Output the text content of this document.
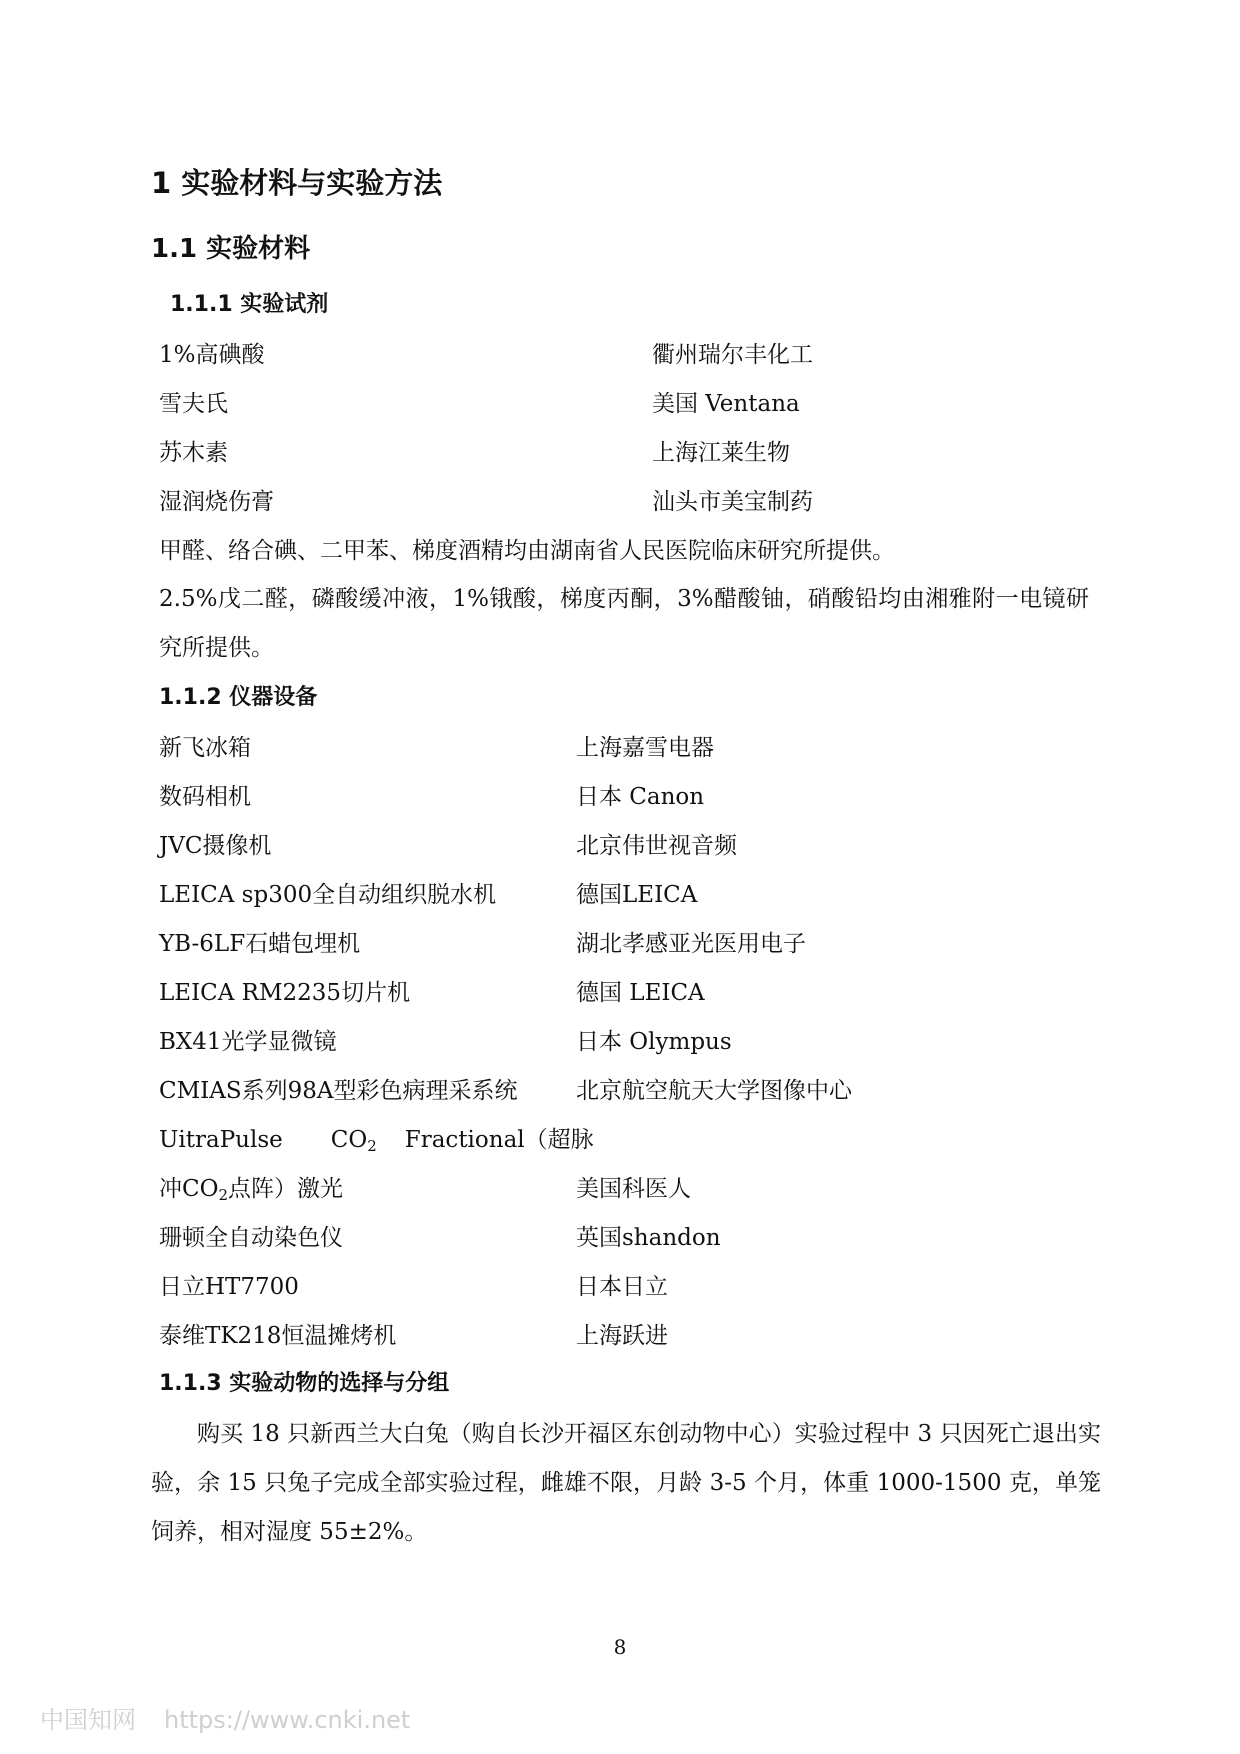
1 实验材料与实验方法
1.1 实验材料
1.1.1 实验试剂
1%高碘酸	衢州瑞尔丰化工
雪夫氏	美国 Ventana
苏木素	上海江莱生物
湿润烧伤膏	汕头市美宝制药
甲醛、络合碘、二甲苯、梯度酒精均由湖南省人民医院临床研究所提供。
2.5%戊二醛，磷酸缓冲液，1%锇酸，梯度丙酮，3%醋酸铀，硝酸铅均由湘雅附一电镜研究所提供。
1.1.2 仪器设备
新飞冰箱	上海嘉雪电器
数码相机	日本 Canon
JVC摄像机	北京伟世视音频
LEICA sp300全自动组织脱水机	德国LEICA
YB-6LF石蜡包埋机	湖北孝感亚光医用电子
LEICA RM2235切片机	德国 LEICA
BX41光学显微镜	日本 Olympus
CMIAS系列98A型彩色病理采系统	北京航空航天大学图像中心
UitraPulse $CO_2$ Fractional（超脉
冲$CO_2$点阵）激光	美国科医人
珊顿全自动染色仪	英国shandon
日立HT7700	日本日立
泰维TK218恒温摊烤机	上海跃进
1.1.3 实验动物的选择与分组
购买 18 只新西兰大白兔（购自长沙开福区东创动物中心）实验过程中 3 只因死亡退出实验，余 15 只兔子完成全部实验过程，雌雄不限，月龄 3-5 个月，体重 1000-1500 克，单笼饲养，相对湿度 55±2%。
8
中国知网 https://www.cnki.net
